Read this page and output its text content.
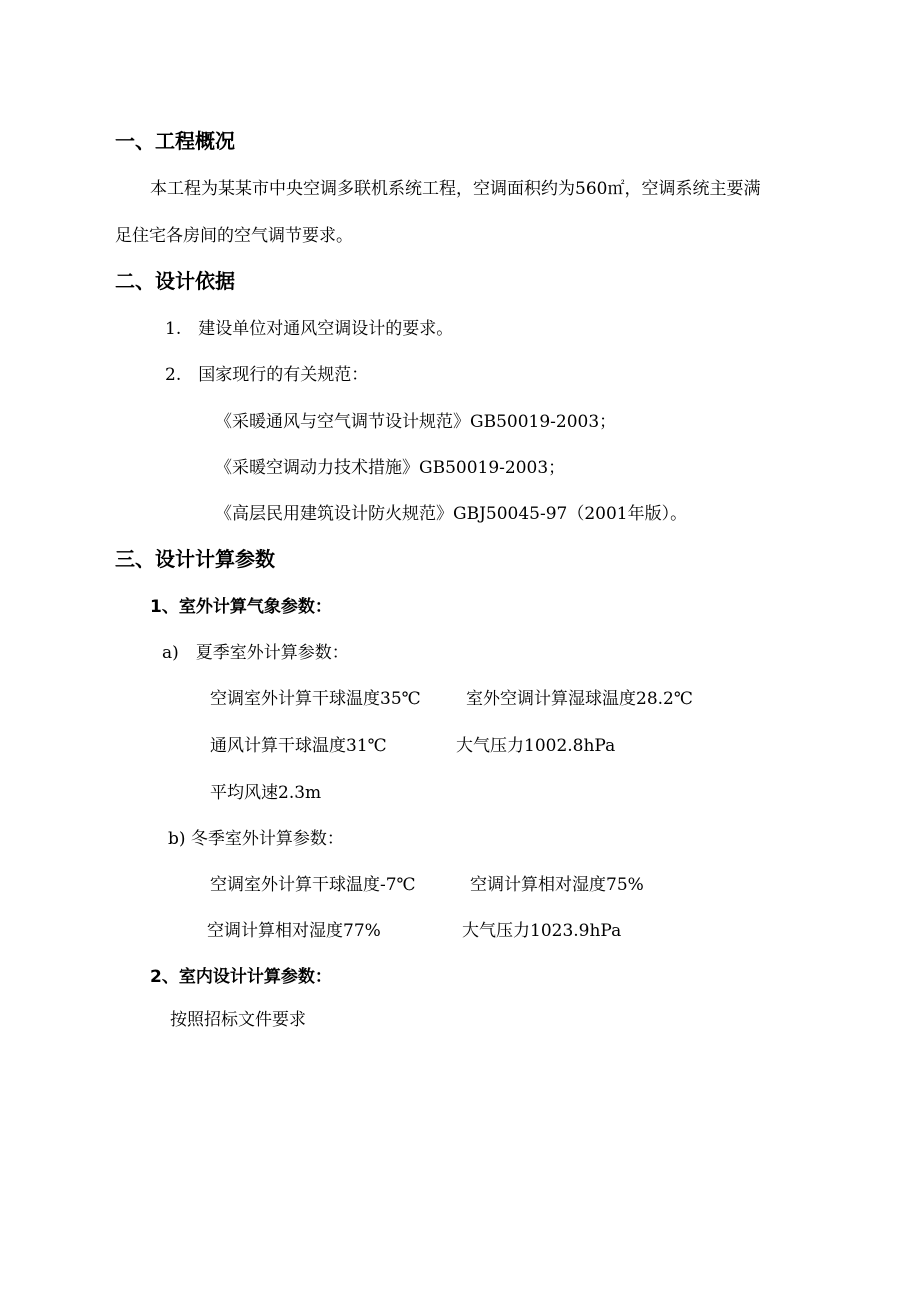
一、工程概况
本工程为某某市中央空调多联机系统工程，空调面积约为560㎡，空调系统主要满
足住宅各房间的空气调节要求。
二、设计依据
1.　建设单位对通风空调设计的要求。
2.　国家现行的有关规范：
《采暖通风与空气调节设计规范》GB50019-2003；
《采暖空调动力技术措施》GB50019-2003；
《高层民用建筑设计防火规范》GBJ50045-97（2001年版）。
三、设计计算参数
1、室外计算气象参数：
a)　夏季室外计算参数：
空调室外计算干球温度35℃	室外空调计算湿球温度28.2℃
通风计算干球温度31℃	大气压力1002.8hPa
平均风速2.3m
b) 冬季室外计算参数：
空调室外计算干球温度-7℃	空调计算相对湿度75%
空调计算相对湿度77%	大气压力1023.9hPa
2、室内设计计算参数：
按照招标文件要求
